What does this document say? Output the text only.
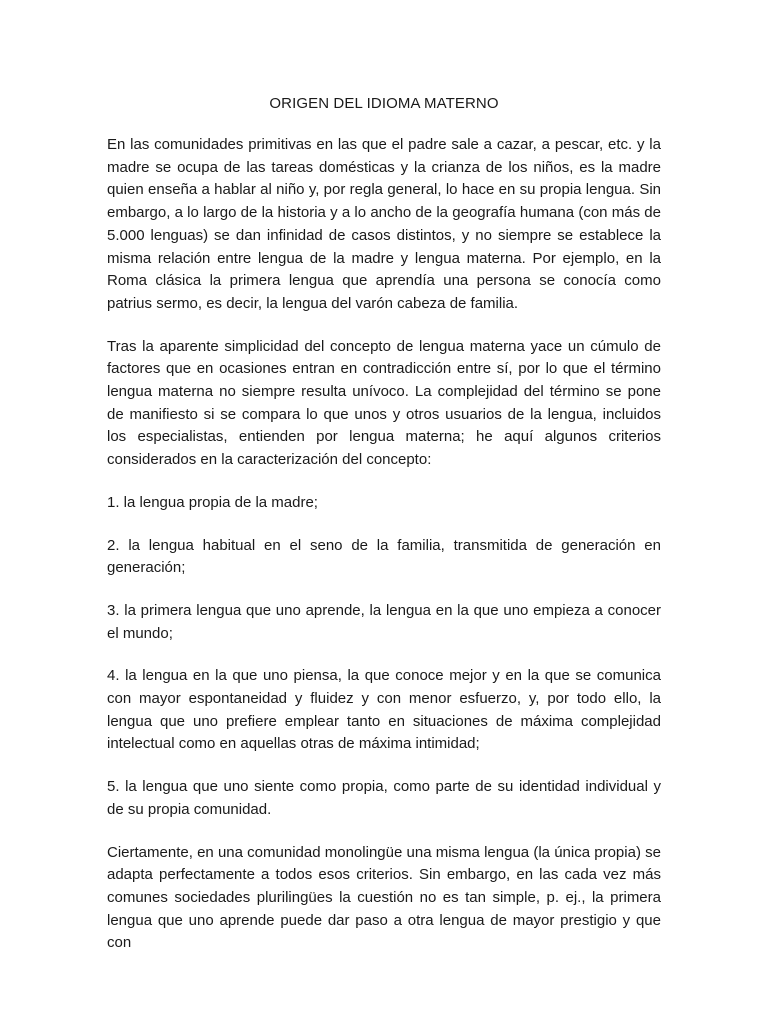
ORIGEN DEL IDIOMA MATERNO

En las comunidades primitivas en las que el padre sale a cazar, a pescar, etc. y la madre se ocupa de las tareas domésticas y la crianza de los niños, es la madre quien enseña a hablar al niño y, por regla general, lo hace en su propia lengua. Sin embargo, a lo largo de la historia y a lo ancho de la geografía humana (con más de 5.000 lenguas) se dan infinidad de casos distintos, y no siempre se establece la misma relación entre lengua de la madre y lengua materna. Por ejemplo, en la Roma clásica la primera lengua que aprendía una persona se conocía como patrius sermo, es decir, la lengua del varón cabeza de familia.

Tras la aparente simplicidad del concepto de lengua materna yace un cúmulo de factores que en ocasiones entran en contradicción entre sí, por lo que el término lengua materna no siempre resulta unívoco. La complejidad del término se pone de manifiesto si se compara lo que unos y otros usuarios de la lengua, incluidos los especialistas, entienden por lengua materna; he aquí algunos criterios considerados en la caracterización del concepto:

1. la lengua propia de la madre;

2. la lengua habitual en el seno de la familia, transmitida de generación en generación;

3. la primera lengua que uno aprende, la lengua en la que uno empieza a conocer el mundo;

4. la lengua en la que uno piensa, la que conoce mejor y en la que se comunica con mayor espontaneidad y fluidez y con menor esfuerzo, y, por todo ello, la lengua que uno prefiere emplear tanto en situaciones de máxima complejidad intelectual como en aquellas otras de máxima intimidad;

5. la lengua que uno siente como propia, como parte de su identidad individual y de su propia comunidad.

Ciertamente, en una comunidad monolingüe una misma lengua (la única propia) se adapta perfectamente a todos esos criterios. Sin embargo, en las cada vez más comunes sociedades plurilingües la cuestión no es tan simple, p. ej., la primera lengua que uno aprende puede dar paso a otra lengua de mayor prestigio y que con
